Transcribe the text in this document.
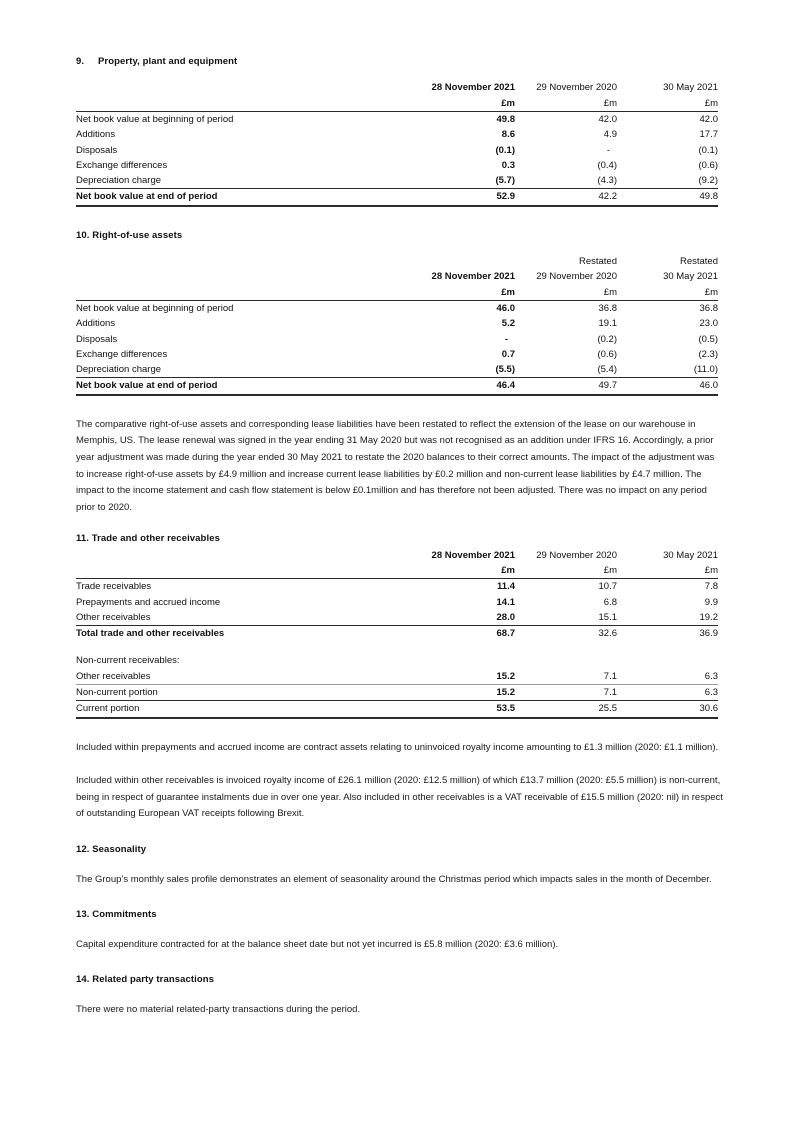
9. Property, plant and equipment
	28 November 2021	29 November 2020	30 May 2021
	£m	£m	£m
Net book value at beginning of period	49.8	42.0	42.0
Additions	8.6	4.9	17.7
Disposals	(0.1)	-	(0.1)
Exchange differences	0.3	(0.4)	(0.6)
Depreciation charge	(5.7)	(4.3)	(9.2)
Net book value at end of period	52.9	42.2	49.8
10. Right-of-use assets
		Restated	Restated
	28 November 2021	29 November 2020	30 May 2021
	£m	£m	£m
Net book value at beginning of period	46.0	36.8	36.8
Additions	5.2	19.1	23.0
Disposals	-	(0.2)	(0.5)
Exchange differences	0.7	(0.6)	(2.3)
Depreciation charge	(5.5)	(5.4)	(11.0)
Net book value at end of period	46.4	49.7	46.0

The comparative right-of-use assets and corresponding lease liabilities have been restated to reflect the extension of the lease on our warehouse in Memphis, US. The lease renewal was signed in the year ending 31 May 2020 but was not recognised as an addition under IFRS 16. Accordingly, a prior year adjustment was made during the year ended 30 May 2021 to restate the 2020 balances to their correct amounts. The impact of the adjustment was to increase right-of-use assets by £4.9 million and increase current lease liabilities by £0.2 million and non-current lease liabilities by £4.7 million. The impact to the income statement and cash flow statement is below £0.1million and has therefore not been adjusted. There was no impact on any period prior to 2020.

11. Trade and other receivables
	28 November 2021	29 November 2020	30 May 2021
	£m	£m	£m
Trade receivables	11.4	10.7	7.8
Prepayments and accrued income	14.1	6.8	9.9
Other receivables	28.0	15.1	19.2
Total trade and other receivables	68.7	32.6	36.9

Non-current receivables:			
Other receivables	15.2	7.1	6.3
Non-current portion	15.2	7.1	6.3
Current portion	53.5	25.5	30.6

Included within prepayments and accrued income are contract assets relating to uninvoiced royalty income amounting to £1.3 million (2020: £1.1 million).

Included within other receivables is invoiced royalty income of £26.1 million (2020: £12.5 million) of which £13.7 million (2020: £5.5 million) is non-current, being in respect of guarantee instalments due in over one year. Also included in other receivables is a VAT receivable of £15.5 million (2020: nil) in respect of outstanding European VAT receipts following Brexit.

12. Seasonality

The Group’s monthly sales profile demonstrates an element of seasonality around the Christmas period which impacts sales in the month of December.

13. Commitments

Capital expenditure contracted for at the balance sheet date but not yet incurred is £5.8 million (2020: £3.6 million).

14. Related party transactions

There were no material related-party transactions during the period.
